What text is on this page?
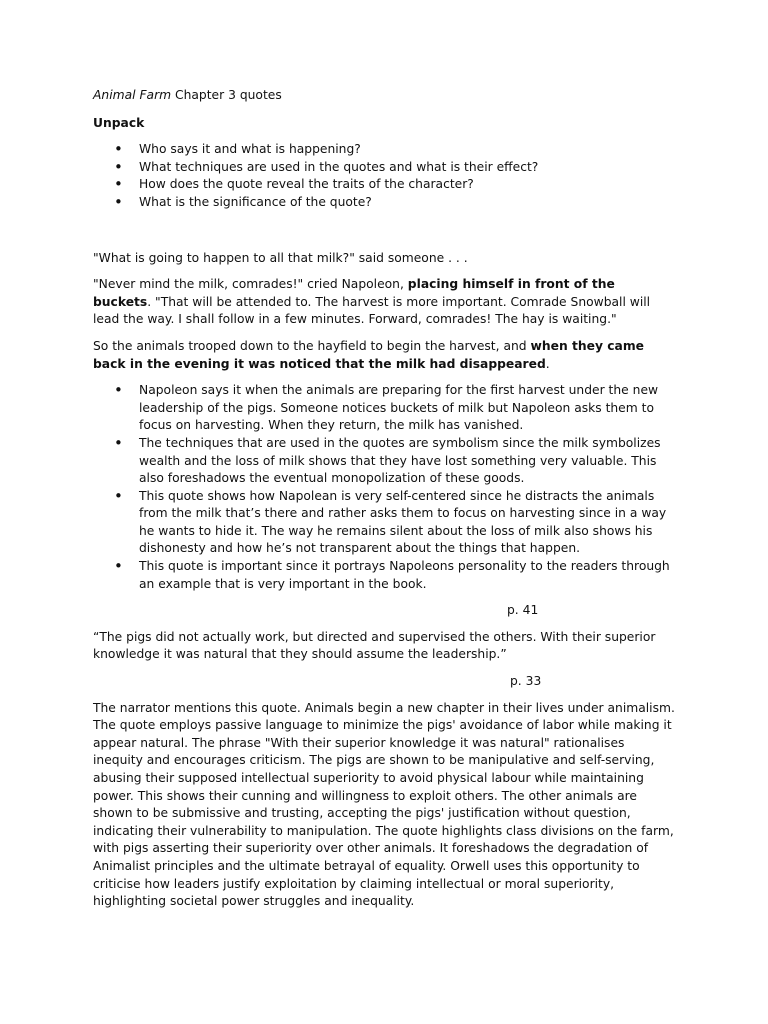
Animal Farm Chapter 3 quotes

Unpack

• Who says it and what is happening?
• What techniques are used in the quotes and what is their effect?
• How does the quote reveal the traits of the character?
• What is the significance of the quote?

"What is going to happen to all that milk?" said someone . . .

"Never mind the milk, comrades!" cried Napoleon, placing himself in front of the buckets. "That will be attended to. The harvest is more important. Comrade Snowball will lead the way. I shall follow in a few minutes. Forward, comrades! The hay is waiting."

So the animals trooped down to the hayfield to begin the harvest, and when they came back in the evening it was noticed that the milk had disappeared.

• Napoleon says it when the animals are preparing for the first harvest under the new leadership of the pigs. Someone notices buckets of milk but Napoleon asks them to focus on harvesting. When they return, the milk has vanished.
• The techniques that are used in the quotes are symbolism since the milk symbolizes wealth and the loss of milk shows that they have lost something very valuable. This also foreshadows the eventual monopolization of these goods.
• This quote shows how Napolean is very self-centered since he distracts the animals from the milk that’s there and rather asks them to focus on harvesting since in a way he wants to hide it. The way he remains silent about the loss of milk also shows his dishonesty and how he’s not transparent about the things that happen.
• This quote is important since it portrays Napoleons personality to the readers through an example that is very important in the book.

p. 41

“The pigs did not actually work, but directed and supervised the others. With their superior knowledge it was natural that they should assume the leadership.”

p. 33

The narrator mentions this quote. Animals begin a new chapter in their lives under animalism. The quote employs passive language to minimize the pigs' avoidance of labor while making it appear natural. The phrase "With their superior knowledge it was natural" rationalises inequity and encourages criticism. The pigs are shown to be manipulative and self-serving, abusing their supposed intellectual superiority to avoid physical labour while maintaining power. This shows their cunning and willingness to exploit others. The other animals are shown to be submissive and trusting, accepting the pigs' justification without question, indicating their vulnerability to manipulation. The quote highlights class divisions on the farm, with pigs asserting their superiority over other animals. It foreshadows the degradation of Animalist principles and the ultimate betrayal of equality. Orwell uses this opportunity to criticise how leaders justify exploitation by claiming intellectual or moral superiority, highlighting societal power struggles and inequality.
